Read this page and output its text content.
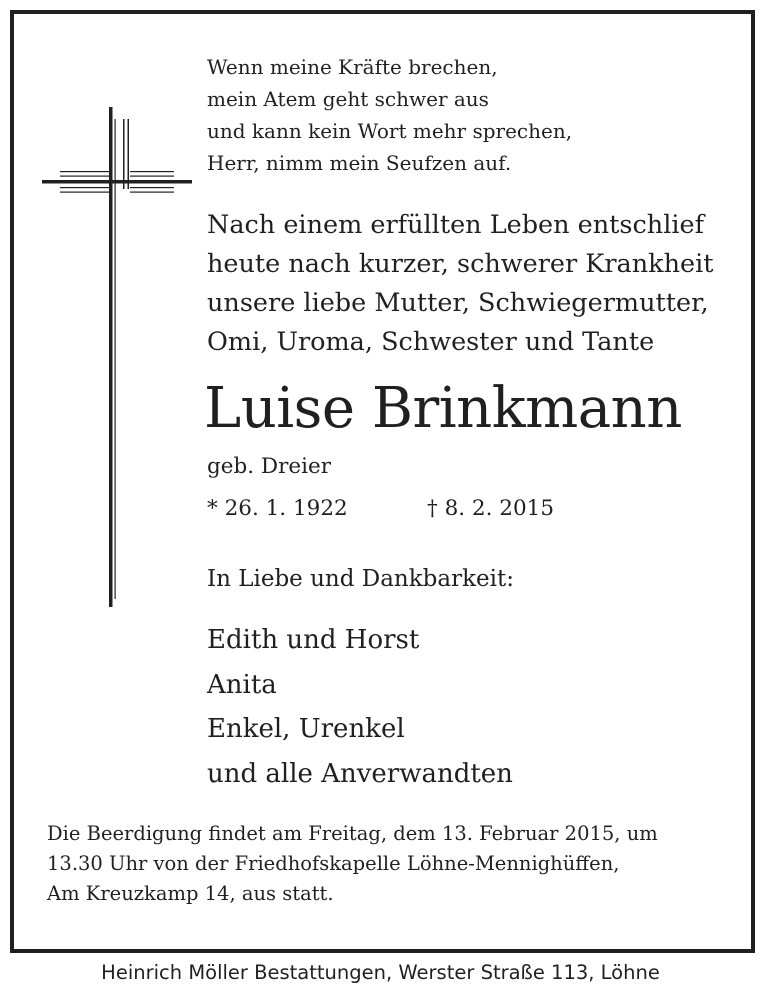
Wenn meine Kräfte brechen,
mein Atem geht schwer aus
und kann kein Wort mehr sprechen,
Herr, nimm mein Seufzen auf.
Nach einem erfüllten Leben entschlief
heute nach kurzer, schwerer Krankheit
unsere liebe Mutter, Schwiegermutter,
Omi, Uroma, Schwester und Tante
Luise Brinkmann
geb. Dreier
* 26. 1. 1922	† 8. 2. 2015
In Liebe und Dankbarkeit:
Edith und Horst
Anita
Enkel, Urenkel
und alle Anverwandten
Die Beerdigung findet am Freitag, dem 13. Februar 2015, um
13.30 Uhr von der Friedhofskapelle Löhne-Mennighüffen,
Am Kreuzkamp 14, aus statt.
Heinrich Möller Bestattungen, Werster Straße 113, Löhne
